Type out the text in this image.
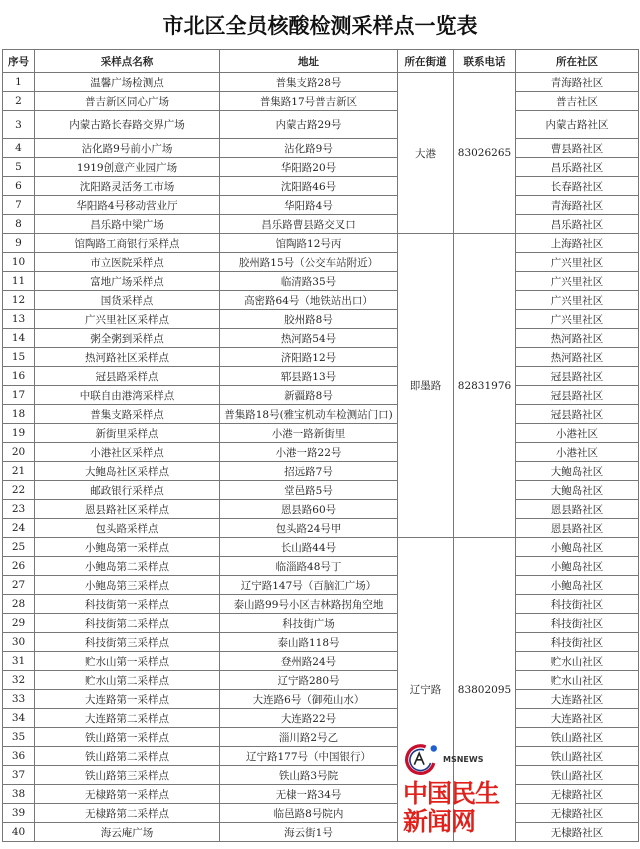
市北区全员核酸检测采样点一览表
序号	采样点名称	地址	所在街道	联系电话	所在社区
1	温馨广场检测点	普集支路28号	大港	83026265	青海路社区
2	普吉新区同心广场	普集路17号普吉新区			普吉社区
3	内蒙古路长春路交界广场	内蒙古路29号			内蒙古路社区
4	沾化路9号前小广场	沾化路9号			曹县路社区
5	1919创意产业园广场	华阳路20号			昌乐路社区
6	沈阳路灵活务工市场	沈阳路46号			长春路社区
7	华阳路4号移动营业厅	华阳路4号			青海路社区
8	昌乐路中梁广场	昌乐路曹县路交叉口			昌乐路社区
9	馆陶路工商银行采样点	馆陶路12号丙	即墨路	82831976	上海路社区
10	市立医院采样点	胶州路15号（公交车站附近）			广兴里社区
11	富地广场采样点	临清路35号			广兴里社区
12	国货采样点	高密路64号（地铁站出口）			广兴里社区
13	广兴里社区采样点	胶州路8号			广兴里社区
14	粥全粥到采样点	热河路54号			热河路社区
15	热河路社区采样点	济阳路12号			热河路社区
16	冠县路采样点	郓县路13号			冠县路社区
17	中联自由港湾采样点	新疆路8号			冠县路社区
18	普集支路采样点	普集路18号(雅宝机动车检测站门口)			冠县路社区
19	新街里采样点	小港一路新街里			小港社区
20	小港社区采样点	小港一路22号			小港社区
21	大鲍岛社区采样点	招远路7号			大鲍岛社区
22	邮政银行采样点	堂邑路5号			大鲍岛社区
23	恩县路社区采样点	恩县路60号			恩县路社区
24	包头路采样点	包头路24号甲			恩县路社区
25	小鲍岛第一采样点	长山路44号	辽宁路	83802095	小鲍岛社区
26	小鲍岛第二采样点	临淄路48号丁			小鲍岛社区
27	小鲍岛第三采样点	辽宁路147号（百脑汇广场）			小鲍岛社区
28	科技街第一采样点	泰山路99号小区吉林路拐角空地			科技街社区
29	科技街第二采样点	科技街广场			科技街社区
30	科技街第三采样点	泰山路118号			科技街社区
31	贮水山第一采样点	登州路24号			贮水山社区
32	贮水山第二采样点	辽宁路280号			贮水山社区
33	大连路第一采样点	大连路6号（御苑山水）			大连路社区
34	大连路第二采样点	大连路22号			大连路社区
35	铁山路第一采样点	淄川路2号乙			铁山路社区
36	铁山路第二采样点	辽宁路177号（中国银行）			铁山路社区
37	铁山路第三采样点	铁山路3号院			铁山路社区
38	无棣路第一采样点	无棣一路34号			无棣路社区
39	无棣路第二采样点	临邑路8号院内			无棣路社区
40	海云庵广场	海云街1号			无棣路社区
MSNEWS
中国民生新闻网
